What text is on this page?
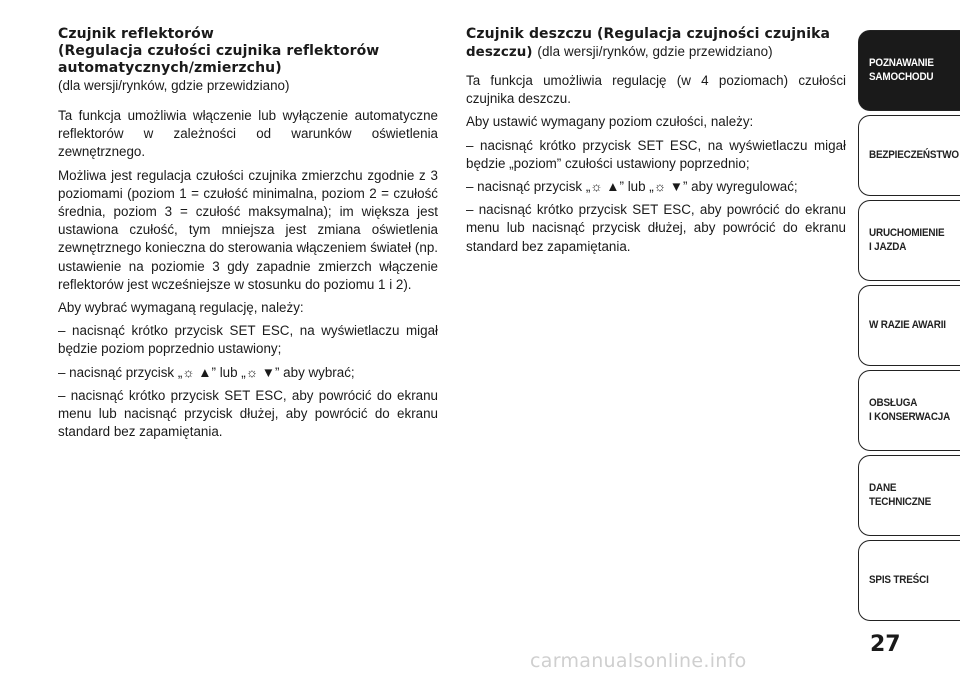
Czujnik reflektorów
(Regulacja czułości czujnika reflektorów
automatycznych/zmierzchu)
(dla wersji/rynków, gdzie przewidziano)

Ta funkcja umożliwia włączenie lub wyłączenie automatyczne reflektorów w zależności od warunków oświetlenia zewnętrznego.

Możliwa jest regulacja czułości czujnika zmierzchu zgodnie z 3 poziomami (poziom 1 = czułość minimalna, poziom 2 = czułość średnia, poziom 3 = czułość maksymalna); im większa jest ustawiona czułość, tym mniejsza jest zmiana oświetlenia zewnętrznego konieczna do sterowania włączeniem świateł (np. ustawienie na poziomie 3 gdy zapadnie zmierzch włączenie reflektorów jest wcześniejsze w stosunku do poziomu 1 i 2).

Aby wybrać wymaganą regulację, należy:

– nacisnąć krótko przycisk SET ESC, na wyświetlaczu migał będzie poziom poprzednio ustawiony;

– nacisnąć przycisk „☼ ▲” lub „☼ ▼” aby wybrać;

– nacisnąć krótko przycisk SET ESC, aby powrócić do ekranu menu lub nacisnąć przycisk dłużej, aby powrócić do ekranu standard bez zapamiętania.

Czujnik deszczu (Regulacja czujności czujnika
deszczu) (dla wersji/rynków, gdzie przewidziano)

Ta funkcja umożliwia regulację (w 4 poziomach) czułości czujnika deszczu.

Aby ustawić wymagany poziom czułości, należy:

– nacisnąć krótko przycisk SET ESC, na wyświetlaczu migał będzie „poziom” czułości ustawiony poprzednio;

– nacisnąć przycisk „☼ ▲” lub „☼ ▼” aby wyregulować;

– nacisnąć krótko przycisk SET ESC, aby powrócić do ekranu menu lub nacisnąć przycisk dłużej, aby powrócić do ekranu standard bez zapamiętania.

POZNAWANIE
SAMOCHODU
BEZPIECZEŃSTWO
URUCHOMIENIE
I JAZDA
W RAZIE AWARII
OBSŁUGA
I KONSERWACJA
DANE
TECHNICZNE
SPIS TREŚCI
27
carmanualsonline.info
